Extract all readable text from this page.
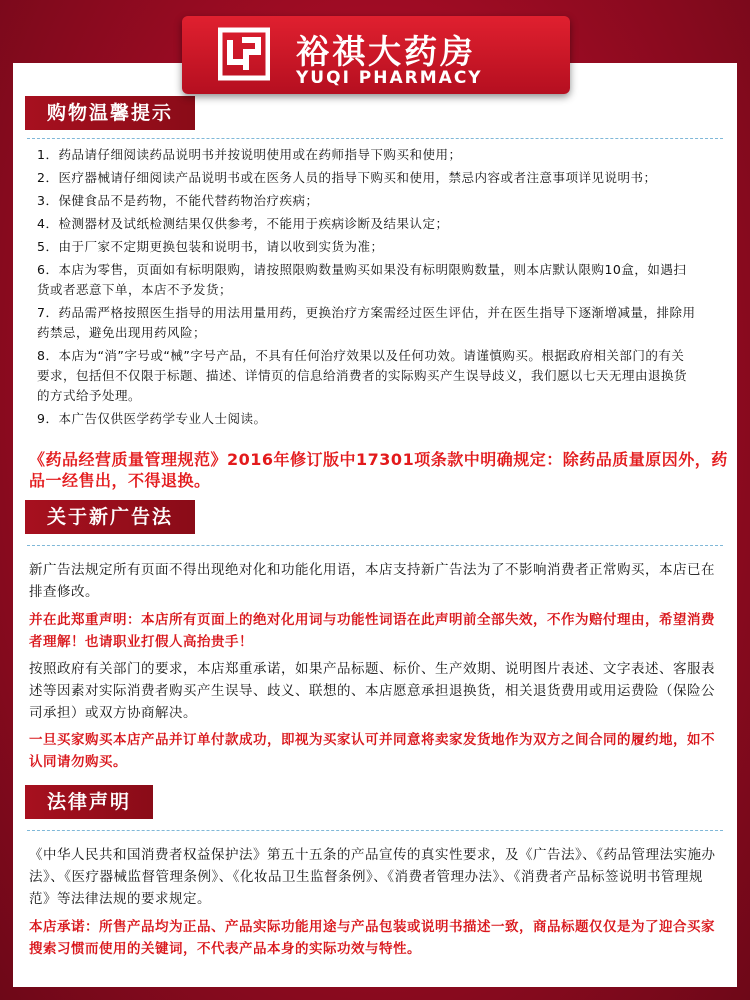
购物温馨提示
1．药品请仔细阅读药品说明书并按说明使用或在药师指导下购买和使用；
2．医疗器械请仔细阅读产品说明书或在医务人员的指导下购买和使用，禁忌内容或者注意事项详见说明书；
3．保健食品不是药物，不能代替药物治疗疾病；
4．检测器材及试纸检测结果仅供参考，不能用于疾病诊断及结果认定；
5．由于厂家不定期更换包装和说明书，请以收到实货为准；
6．本店为零售，页面如有标明限购，请按照限购数量购买如果没有标明限购数量，则本店默认限购10盒，如遇扫货或者恶意下单，本店不予发货；
7．药品需严格按照医生指导的用法用量用药，更换治疗方案需经过医生评估，并在医生指导下逐渐增减量，排除用药禁忌，避免出现用药风险；
8．本店为“消”字号或“械”字号产品，不具有任何治疗效果以及任何功效。请谨慎购买。根据政府相关部门的有关要求，包括但不仅限于标题、描述、详情页的信息给消费者的实际购买产生误导歧义，我们愿以七天无理由退换货的方式给予处理。
9．本广告仅供医学药学专业人士阅读。
《药品经营质量管理规范》2016年修订版中17301项条款中明确规定：除药品质量原因外，药品一经售出，不得退换。
关于新广告法

新广告法规定所有页面不得出现绝对化和功能化用语，本店支持新广告法为了不影响消费者正常购买，本店已在排查修改。

并在此郑重声明：本店所有页面上的绝对化用词与功能性词语在此声明前全部失效，不作为赔付理由，希望消费者理解！也请职业打假人高抬贵手！

按照政府有关部门的要求，本店郑重承诺，如果产品标题、标价、生产效期、说明图片表述、文字表述、客服表述等因素对实际消费者购买产生误导、歧义、联想的、本店愿意承担退换货，相关退货费用或用运费险（保险公司承担）或双方协商解决。

一旦买家购买本店产品并订单付款成功，即视为买家认可并同意将卖家发货地作为双方之间合同的履约地，如不认同请勿购买。

法律声明

《中华人民共和国消费者权益保护法》第五十五条的产品宣传的真实性要求，及《广告法》、《药品管理法实施办法》、《医疗器械监督管理条例》、《化妆品卫生监督条例》、《消费者管理办法》、《消费者产品标签说明书管理规范》等法律法规的要求规定。

本店承诺：所售产品均为正品、产品实际功能用途与产品包装或说明书描述一致，商品标题仅仅是为了迎合买家搜索习惯而使用的关键词，不代表产品本身的实际功效与特性。

裕祺大药房
YUQI PHARMACY
